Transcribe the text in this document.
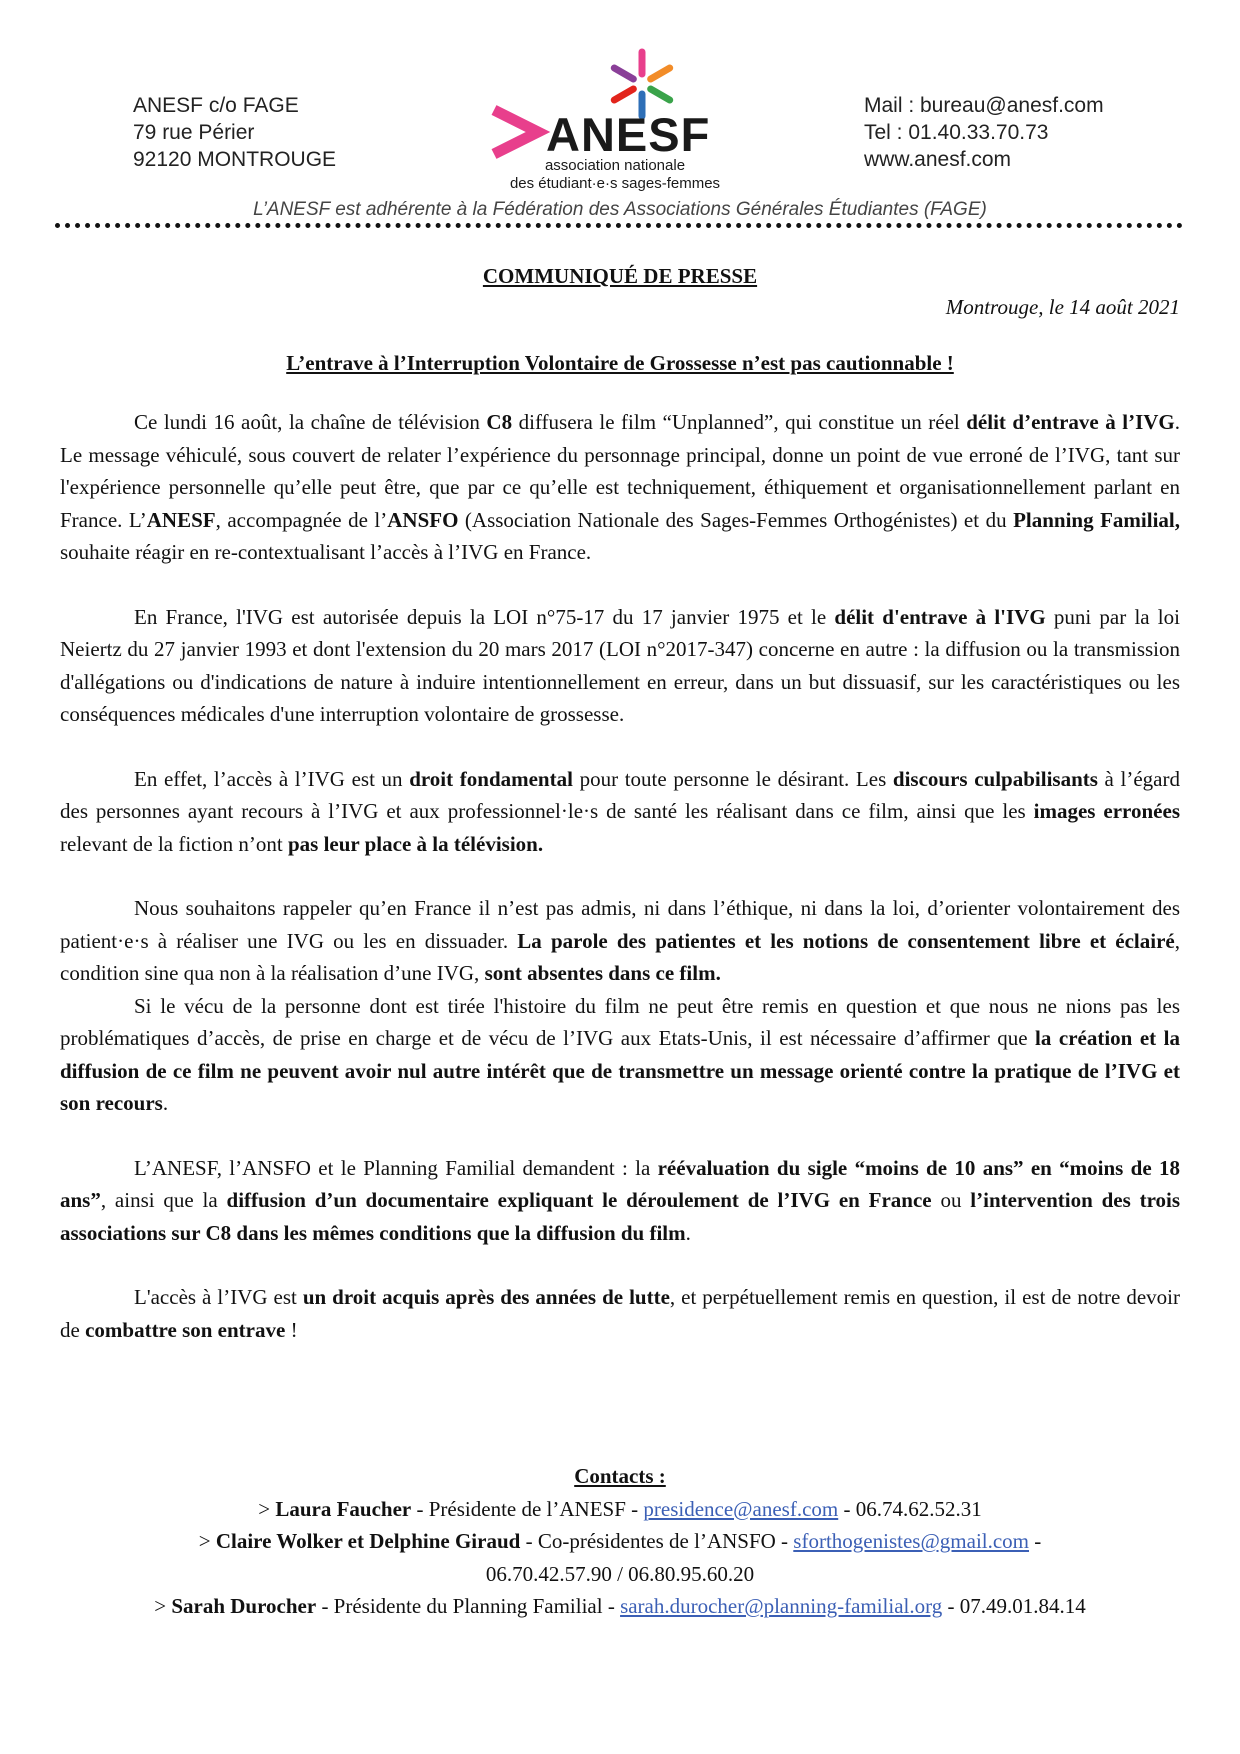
ANESF c/o FAGE
79 rue Périer
92120 MONTROUGE	ANESF
association nationale
des étudiant·e·s sages-femmes
Mail : bureau@anesf.com
Tel : 01.40.33.70.73
www.anesf.com
L’ANESF est adhérente à la Fédération des Associations Générales Étudiantes (FAGE)
COMMUNIQUÉ DE PRESSE
Montrouge, le 14 août 2021
L’entrave à l’Interruption Volontaire de Grossesse n’est pas cautionnable !

Ce lundi 16 août, la chaîne de télévision C8 diffusera le film “Unplanned”, qui constitue un réel délit d’entrave à l’IVG. Le message véhiculé, sous couvert de relater l’expérience du personnage principal, donne un point de vue erroné de l’IVG, tant sur l'expérience personnelle qu’elle peut être, que par ce qu’elle est techniquement, éthiquement et organisationnellement parlant en France. L’ANESF, accompagnée de l’ANSFO (Association Nationale des Sages-Femmes Orthogénistes) et du Planning Familial, souhaite réagir en re-contextualisant l’accès à l’IVG en France.

En France, l'IVG est autorisée depuis la LOI n°75-17 du 17 janvier 1975 et le délit d'entrave à l'IVG puni par la loi Neiertz du 27 janvier 1993 et dont l'extension du 20 mars 2017 (LOI n°2017-347) concerne en autre : la diffusion ou la transmission d'allégations ou d'indications de nature à induire intentionnellement en erreur, dans un but dissuasif, sur les caractéristiques ou les conséquences médicales d'une interruption volontaire de grossesse.

En effet, l’accès à l’IVG est un droit fondamental pour toute personne le désirant. Les discours culpabilisants à l’égard des personnes ayant recours à l’IVG et aux professionnel·le·s de santé les réalisant dans ce film, ainsi que les images erronées relevant de la fiction n’ont pas leur place à la télévision.

Nous souhaitons rappeler qu’en France il n’est pas admis, ni dans l’éthique, ni dans la loi, d’orienter volontairement des patient·e·s à réaliser une IVG ou les en dissuader. La parole des patientes et les notions de consentement libre et éclairé, condition sine qua non à la réalisation d’une IVG, sont absentes dans ce film.

Si le vécu de la personne dont est tirée l'histoire du film ne peut être remis en question et que nous ne nions pas les problématiques d’accès, de prise en charge et de vécu de l’IVG aux Etats-Unis, il est nécessaire d’affirmer que la création et la diffusion de ce film ne peuvent avoir nul autre intérêt que de transmettre un message orienté contre la pratique de l’IVG et son recours.

L’ANESF, l’ANSFO et le Planning Familial demandent : la réévaluation du sigle “moins de 10 ans” en “moins de 18 ans”, ainsi que la diffusion d’un documentaire expliquant le déroulement de l’IVG en France ou l’intervention des trois associations sur C8 dans les mêmes conditions que la diffusion du film.

L'accès à l’IVG est un droit acquis après des années de lutte, et perpétuellement remis en question, il est de notre devoir de combattre son entrave !

Contacts :
> Laura Faucher - Présidente de l’ANESF - presidence@anesf.com - 06.74.62.52.31
> Claire Wolker et Delphine Giraud - Co-présidentes de l’ANSFO - sforthogenistes@gmail.com -
06.70.42.57.90 / 06.80.95.60.20
> Sarah Durocher - Présidente du Planning Familial - sarah.durocher@planning-familial.org - 07.49.01.84.14
